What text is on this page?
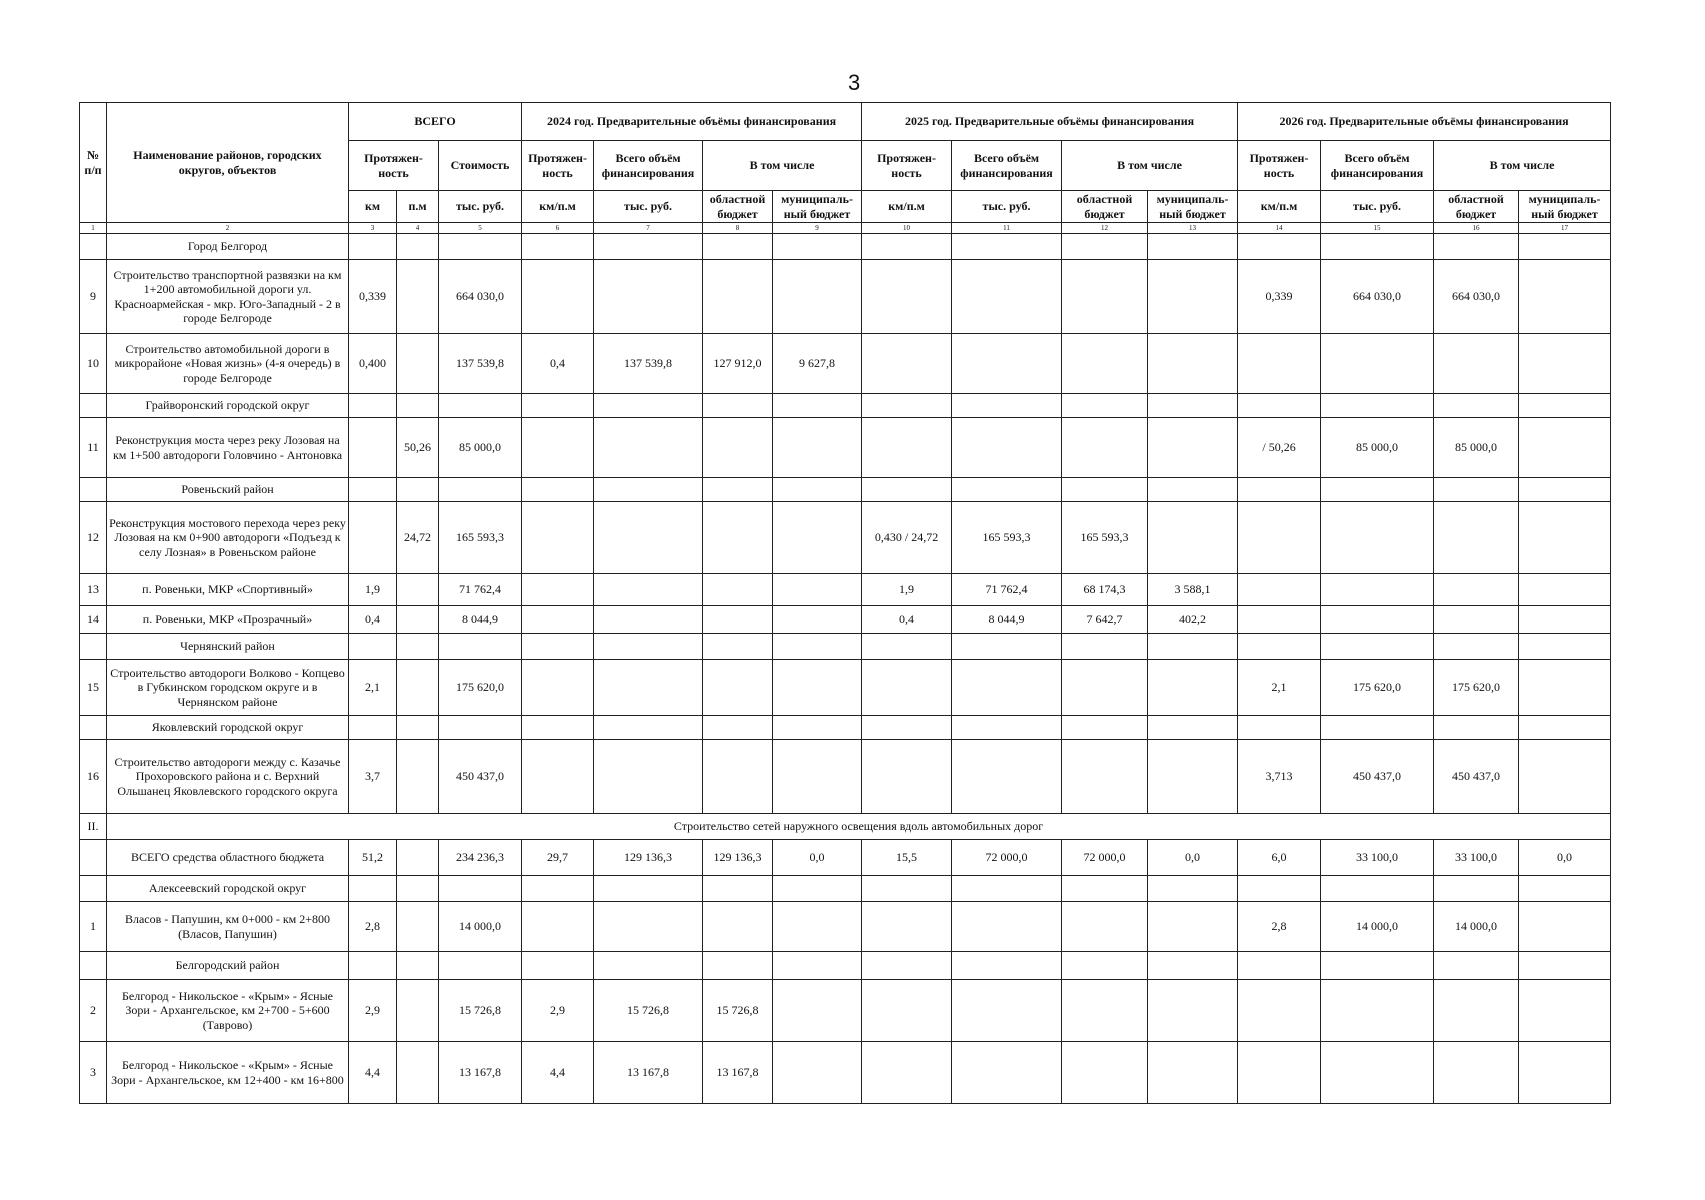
3
№ п/п	Наименование районов, городских округов, объектов	ВСЕГО			2024 год. Предварительные объёмы финансирования				2025 год. Предварительные объёмы финансирования				2026 год. Предварительные объёмы финансирования			
		Протяжен-ность		Стоимость	Протяжен-ность	Всего объём финансирования	В том числе		Протяжен-ность	Всего объём финансирования	В том числе		Протяжен-ность	Всего объём финансирования	В том числе	
		км	п.м	тыс. руб.	км/п.м	тыс. руб.	областной бюджет	муниципаль-ный бюджет	км/п.м	тыс. руб.	областной бюджет	муниципаль-ный бюджет	км/п.м	тыс. руб.	областной бюджет	муниципаль-ный бюджет
1	2	3	4	5	6	7	8	9	10	11	12	13	14	15	16	17
	Город Белгород															
9	Строительство транспортной развязки на км 1+200 автомобильной дороги ул. Красноармейская - мкр. Юго-Западный - 2 в городе Белгороде	0,339		664 030,0									0,339	664 030,0	664 030,0	
10	Строительство автомобильной дороги в микрорайоне «Новая жизнь» (4-я очередь) в городе Белгороде	0,400		137 539,8	0,4	137 539,8	127 912,0	9 627,8								
	Грайворонский городской округ															
11	Реконструкция моста через реку Лозовая на км 1+500 автодороги Головчино - Антоновка		50,26	85 000,0									/ 50,26	85 000,0	85 000,0	
	Ровеньский район															
12	Реконструкция мостового перехода через реку Лозовая на км 0+900 автодороги «Подъезд к селу Лозная» в Ровеньском районе		24,72	165 593,3					0,430 / 24,72	165 593,3	165 593,3					
13	п. Ровеньки, МКР «Спортивный»	1,9		71 762,4					1,9	71 762,4	68 174,3	3 588,1				
14	п. Ровеньки, МКР «Прозрачный»	0,4		8 044,9					0,4	8 044,9	7 642,7	402,2				
	Чернянский район															
15	Строительство автодороги Волково - Копцево в Губкинском городском округе и в Чернянском районе	2,1		175 620,0									2,1	175 620,0	175 620,0	
	Яковлевский городской округ															
16	Строительство автодороги между с. Казачье Прохоровского района и с. Верхний Ольшанец Яковлевского городского округа	3,7		450 437,0									3,713	450 437,0	450 437,0	
II.	Строительство сетей наружного освещения вдоль автомобильных дорог															
	ВСЕГО средства областного бюджета	51,2		234 236,3	29,7	129 136,3	129 136,3	0,0	15,5	72 000,0	72 000,0	0,0	6,0	33 100,0	33 100,0	0,0
	Алексеевский городской округ															
1	Власов - Папушин, км 0+000 - км 2+800 (Власов, Папушин)	2,8		14 000,0									2,8	14 000,0	14 000,0	
	Белгородский район															
2	Белгород - Никольское - «Крым» - Ясные Зори - Архангельское, км 2+700 - 5+600 (Таврово)	2,9		15 726,8	2,9	15 726,8	15 726,8									
3	Белгород - Никольское - «Крым» - Ясные Зори - Архангельское, км 12+400 - км 16+800	4,4		13 167,8	4,4	13 167,8	13 167,8									
